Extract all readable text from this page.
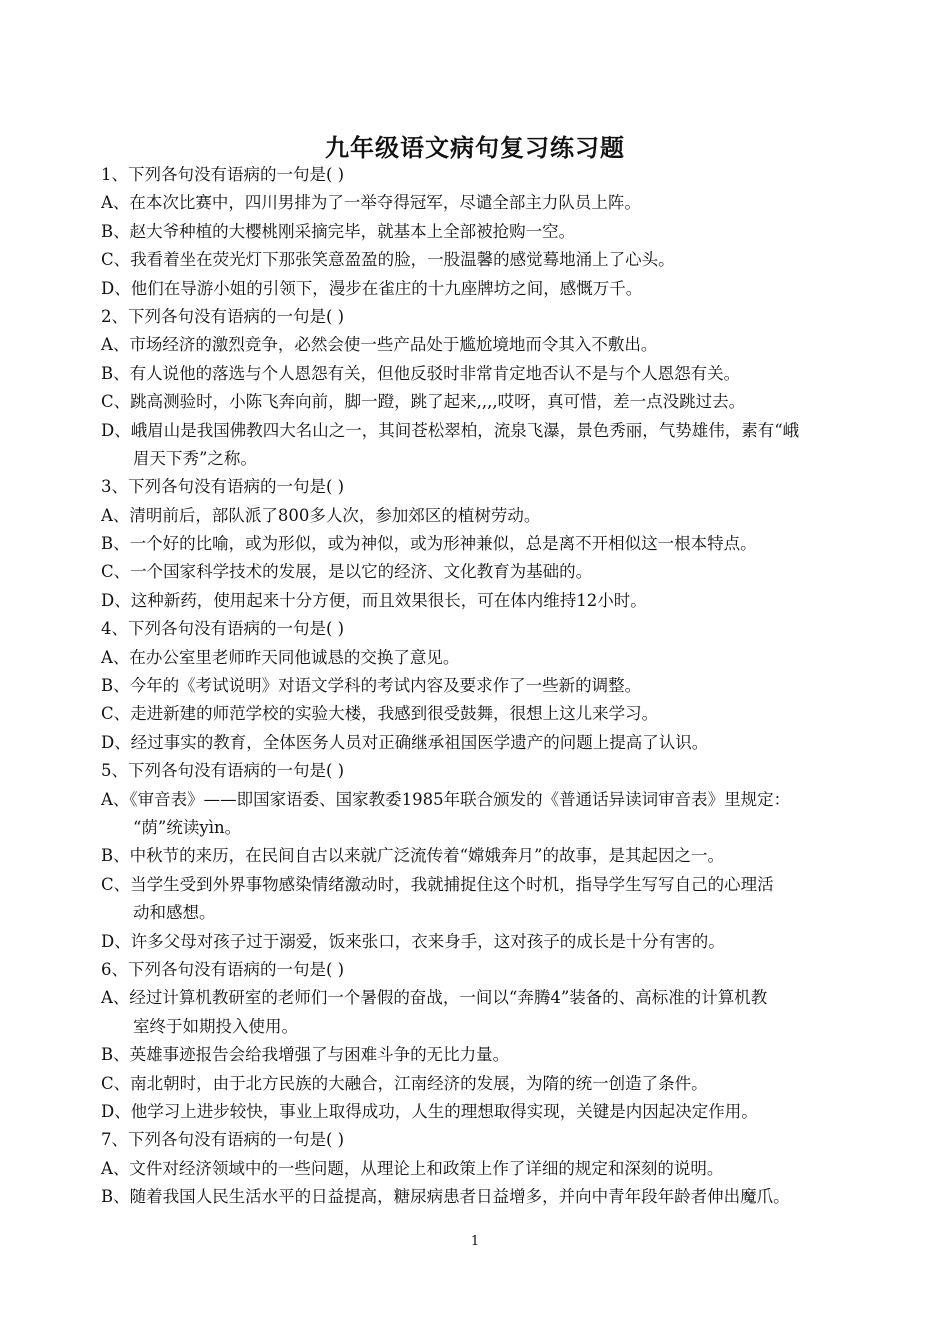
九年级语文病句复习练习题
1、下列各句没有语病的一句是( )
A、在本次比赛中，四川男排为了一举夺得冠军，尽谴全部主力队员上阵。
B、赵大爷种植的大樱桃刚采摘完毕，就基本上全部被抢购一空。
C、我看着坐在荧光灯下那张笑意盈盈的脸，一股温馨的感觉蓦地涌上了心头。
D、他们在导游小姐的引领下，漫步在雀庄的十九座牌坊之间，感慨万千。
2、下列各句没有语病的一句是( )
A、市场经济的激烈竞争，必然会使一些产品处于尴尬境地而令其入不敷出。
B、有人说他的落选与个人恩怨有关，但他反驳时非常肯定地否认不是与个人恩怨有关。
C、跳高测验时，小陈飞奔向前，脚一蹬，跳了起来,,,,哎呀，真可惜，差一点没跳过去。
D、峨眉山是我国佛教四大名山之一，其间苍松翠柏，流泉飞瀑，景色秀丽，气势雄伟，素有“峨
眉天下秀”之称。
3、下列各句没有语病的一句是( )
A、清明前后，部队派了800多人次，参加郊区的植树劳动。
B、一个好的比喻，或为形似，或为神似，或为形神兼似，总是离不开相似这一根本特点。
C、一个国家科学技术的发展，是以它的经济、文化教育为基础的。
D、这种新药，使用起来十分方便，而且效果很长，可在体内维持12小时。
4、下列各句没有语病的一句是( )
A、在办公室里老师昨天同他诚恳的交换了意见。
B、今年的《考试说明》对语文学科的考试内容及要求作了一些新的调整。
C、走进新建的师范学校的实验大楼，我感到很受鼓舞，很想上这儿来学习。
D、经过事实的教育，全体医务人员对正确继承祖国医学遗产的问题上提高了认识。
5、下列各句没有语病的一句是( )
A、《审音表》——即国家语委、国家教委1985年联合颁发的《普通话异读词审音表》里规定：
“荫”统读yìn。
B、中秋节的来历，在民间自古以来就广泛流传着“嫦娥奔月”的故事，是其起因之一。
C、当学生受到外界事物感染情绪激动时，我就捕捉住这个时机，指导学生写写自己的心理活
动和感想。
D、许多父母对孩子过于溺爱，饭来张口，衣来身手，这对孩子的成长是十分有害的。
6、下列各句没有语病的一句是( )
A、经过计算机教研室的老师们一个暑假的奋战，一间以“奔腾4”装备的、高标准的计算机教
室终于如期投入使用。
B、英雄事迹报告会给我增强了与困难斗争的无比力量。
C、南北朝时，由于北方民族的大融合，江南经济的发展，为隋的统一创造了条件。
D、他学习上进步较快，事业上取得成功，人生的理想取得实现，关键是内因起决定作用。
7、下列各句没有语病的一句是( )
A、文件对经济领域中的一些问题，从理论上和政策上作了详细的规定和深刻的说明。
B、随着我国人民生活水平的日益提高，糖尿病患者日益增多，并向中青年段年龄者伸出魔爪。
1
